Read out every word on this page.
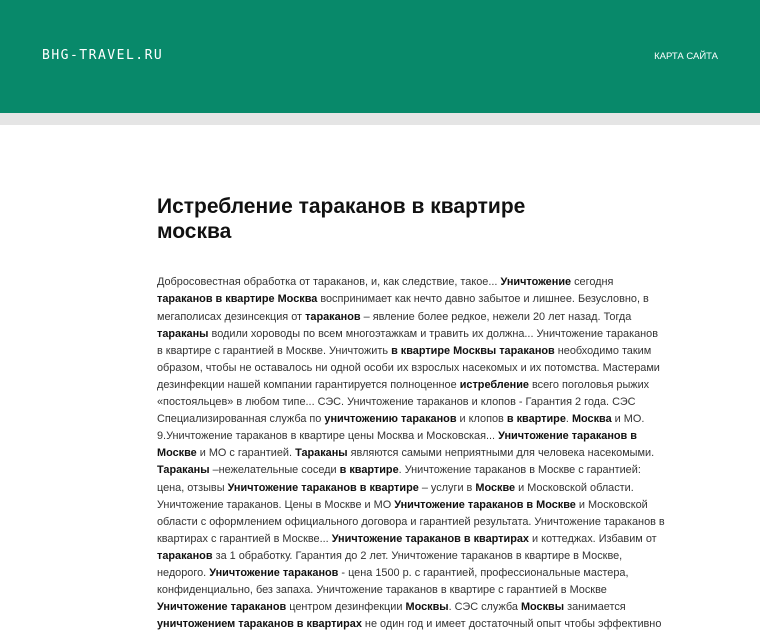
BHG-TRAVEL.RU	КАРТА САЙТА
Истребление тараканов в квартире москва

Добросовестная обработка от тараканов, и, как следствие, такое... Уничтожение сегодня
тараканов в квартире Москва воспринимает как нечто давно забытое и лишнее. Безусловно, в
мегаполисах дезинсекция от тараканов – явление более редкое, нежели 20 лет назад. Тогда
тараканы водили хороводы по всем многоэтажкам и травить их должна... Уничтожение тараканов
в квартире с гарантией в Москве. Уничтожить в квартире Москвы тараканов необходимо таким
образом, чтобы не оставалось ни одной особи их взрослых насекомых и их потомства. Мастерами
дезинфекции нашей компании гарантируется полноценное истребление всего поголовья рыжих
«постояльцев» в любом типе... СЭС. Уничтожение тараканов и клопов - Гарантия 2 года. СЭС
Специализированная служба по уничтожению тараканов и клопов в квартире. Москва и МО.
9.Уничтожение тараканов в квартире цены Москва и Московская... Уничтожение тараканов в
Москве и МО с гарантией. Тараканы являются самыми неприятными для человека насекомыми.
Тараканы –нежелательные соседи в квартире. Уничтожение тараканов в Москве с гарантией:
цена, отзывы Уничтожение тараканов в квартире – услуги в Москве и Московской области.
Уничтожение тараканов. Цены в Москве и МО Уничтожение тараканов в Москве и Московской
области с оформлением официального договора и гарантией результата. Уничтожение тараканов в
квартирах с гарантией в Москве... Уничтожение тараканов в квартирах и коттеджах. Избавим от
тараканов за 1 обработку. Гарантия до 2 лет. Уничтожение тараканов в квартире в Москве,
недорого. Уничтожение тараканов - цена 1500 р. с гарантией, профессиональные мастера,
конфиденциально, без запаха. Уничтожение тараканов в квартире с гарантией в Москве
Уничтожение тараканов центром дезинфекции Москвы. СЭС служба Москвы занимается
уничтожением тараканов в квартирах не один год и имеет достаточный опыт чтобы эффективно
